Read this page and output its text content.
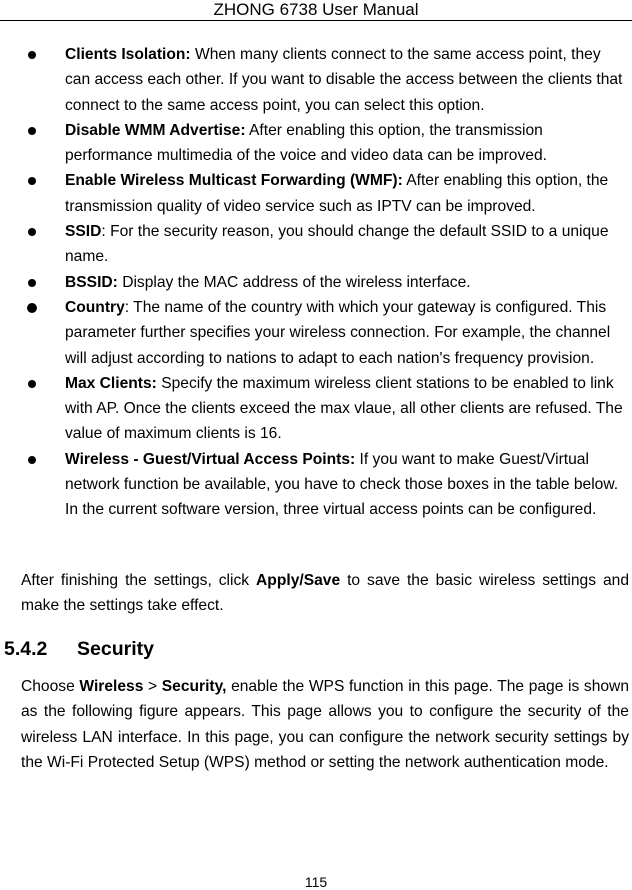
ZHONG 6738 User Manual
Clients Isolation: When many clients connect to the same access point, they can access each other. If you want to disable the access between the clients that connect to the same access point, you can select this option.
Disable WMM Advertise: After enabling this option, the transmission performance multimedia of the voice and video data can be improved.
Enable Wireless Multicast Forwarding (WMF): After enabling this option, the transmission quality of video service such as IPTV can be improved.
SSID: For the security reason, you should change the default SSID to a unique name.
BSSID: Display the MAC address of the wireless interface.
Country: The name of the country with which your gateway is configured. This parameter further specifies your wireless connection. For example, the channel will adjust according to nations to adapt to each nation's frequency provision.
Max Clients: Specify the maximum wireless client stations to be enabled to link with AP. Once the clients exceed the max vlaue, all other clients are refused. The value of maximum clients is 16.
Wireless - Guest/Virtual Access Points: If you want to make Guest/Virtual network function be available, you have to check those boxes in the table below. In the current software version, three virtual access points can be configured.

After finishing the settings, click Apply/Save to save the basic wireless settings and make the settings take effect.

5.4.2 Security

Choose Wireless > Security, enable the WPS function in this page. The page is shown as the following figure appears. This page allows you to configure the security of the wireless LAN interface. In this page, you can configure the network security settings by the Wi-Fi Protected Setup (WPS) method or setting the network authentication mode.

115
